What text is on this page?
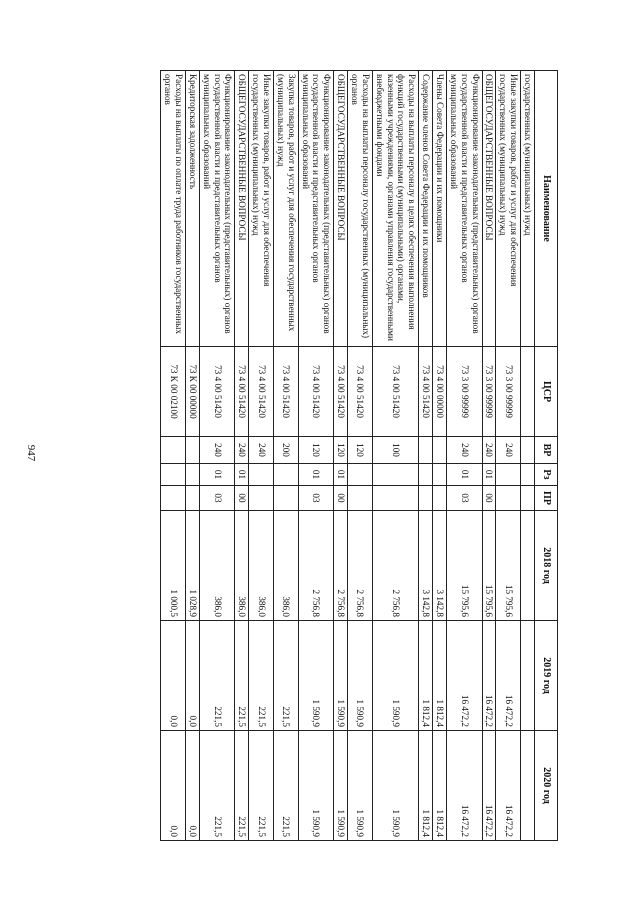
947
Наименование	ЦСР	ВР	Рз	ПР	2018 год	2019 год	2020 год
государственных (муниципальных) нужд							
Иные закупки товаров, работ и услуг для обеспечения государственных (муниципальных) нужд	73 3 00 99999	240			15 795,6	16 472,2	16 472,2
ОБЩЕГОСУДАРСТВЕННЫЕ ВОПРОСЫ	73 3 00 99999	240	01	00	15 795,6	16 472,2	16 472,2
Функционирование законодательных (представительных) органов государственной власти и представительных органов муниципальных образований	73 3 00 99999	240	01	03	15 795,6	16 472,2	16 472,2
Члены Совета Федерации и их помощники	73 4 00 00000				3 142,8	1 812,4	1 812,4
Содержание членов Совета Федерации и их помощников	73 4 00 51420				3 142,8	1 812,4	1 812,4
Расходы на выплаты персоналу в целях обеспечения выполнения функций государственными (муниципальными) органами, казенными учреждениями, органами управления государственными внебюджетными фондами	73 4 00 51420	100			2 756,8	1 590,9	1 590,9
Расходы на выплаты персоналу государственных (муниципальных) органов	73 4 00 51420	120			2 756,8	1 590,9	1 590,9
ОБЩЕГОСУДАРСТВЕННЫЕ ВОПРОСЫ	73 4 00 51420	120	01	00	2 756,8	1 590,9	1 590,9
Функционирование законодательных (представительных) органов государственной власти и представительных органов муниципальных образований	73 4 00 51420	120	01	03	2 756,8	1 590,9	1 590,9
Закупка товаров, работ и услуг для обеспечения государственных (муниципальных) нужд	73 4 00 51420	200			386,0	221,5	221,5
Иные закупки товаров, работ и услуг для обеспечения государственных (муниципальных) нужд	73 4 00 51420	240			386,0	221,5	221,5
ОБЩЕГОСУДАРСТВЕННЫЕ ВОПРОСЫ	73 4 00 51420	240	01	00	386,0	221,5	221,5
Функционирование законодательных (представительных) органов государственной власти и представительных органов муниципальных образований	73 4 00 51420	240	01	03	386,0	221,5	221,5
Кредиторская задолженность	73 К 00 00000				1 028,9	0,0	0,0
Расходы на выплаты по оплате труда работников государственных органов	73 К 00 02100				1 000,5	0,0	0,0
